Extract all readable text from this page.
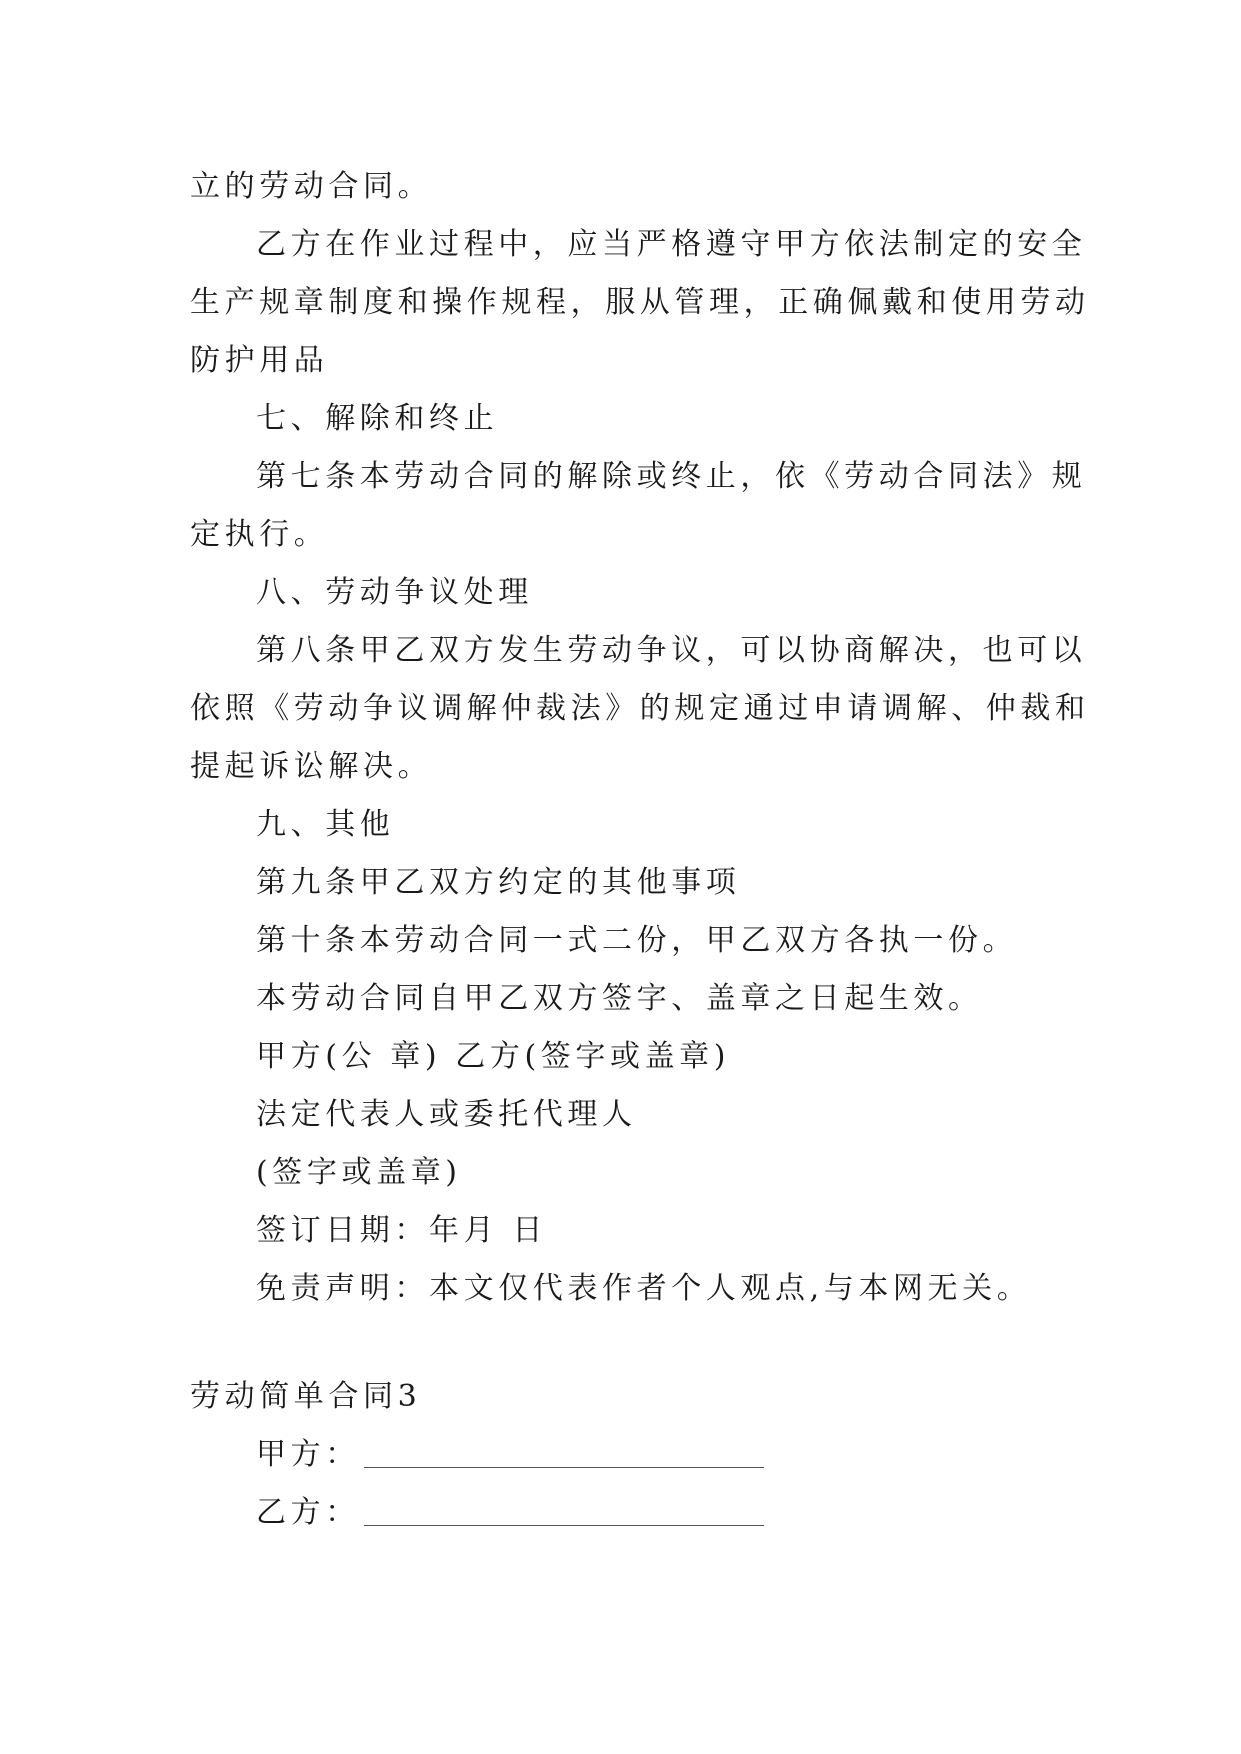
立的劳动合同。
乙方在作业过程中，应当严格遵守甲方依法制定的安全
生产规章制度和操作规程，服从管理，正确佩戴和使用劳动
防护用品
七、解除和终止
第七条本劳动合同的解除或终止，依《劳动合同法》规
定执行。
八、劳动争议处理
第八条甲乙双方发生劳动争议，可以协商解决，也可以
依照《劳动争议调解仲裁法》的规定通过申请调解、仲裁和
提起诉讼解决。
九、其他
第九条甲乙双方约定的其他事项
第十条本劳动合同一式二份，甲乙双方各执一份。
本劳动合同自甲乙双方签字、盖章之日起生效。
甲方(公 章) 乙方(签字或盖章)
法定代表人或委托代理人
(签字或盖章)
签订日期：年月 日
免责声明：本文仅代表作者个人观点,与本网无关。
劳动简单合同3
甲方：
乙方：
